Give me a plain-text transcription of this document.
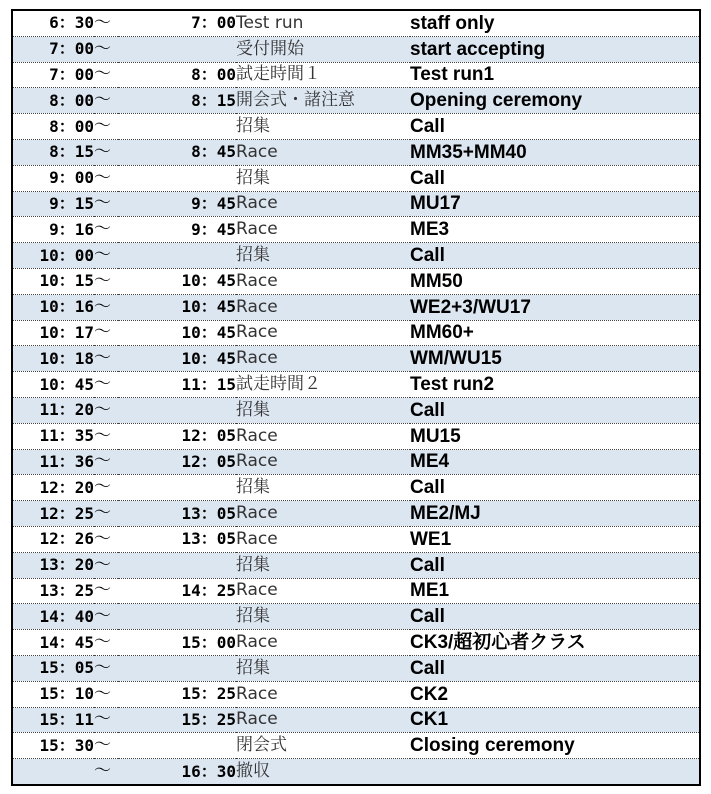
6：30	～	7：00	Test run	staff only
7：00	～		受付開始	start accepting
7：00	～	8：00	試走時間１	Test run1
8：00	～	8：15	開会式・諸注意	Opening ceremony
8：00	～		招集	Call
8：15	～	8：45	Race	MM35+MM40
9：00	～		招集	Call
9：15	～	9：45	Race	MU17
9：16	～	9：45	Race	ME3
10：00	～		招集	Call
10：15	～	10：45	Race	MM50
10：16	～	10：45	Race	WE2+3/WU17
10：17	～	10：45	Race	MM60+
10：18	～	10：45	Race	WM/WU15
10：45	～	11：15	試走時間２	Test run2
11：20	～		招集	Call
11：35	～	12：05	Race	MU15
11：36	～	12：05	Race	ME4
12：20	～		招集	Call
12：25	～	13：05	Race	ME2/MJ
12：26	～	13：05	Race	WE1
13：20	～		招集	Call
13：25	～	14：25	Race	ME1
14：40	～		招集	Call
14：45	～	15：00	Race	CK3/超初心者クラス
15：05	～		招集	Call
15：10	～	15：25	Race	CK2
15：11	～	15：25	Race	CK1
15：30	～		閉会式	Closing ceremony
	～	16：30	撤収	
